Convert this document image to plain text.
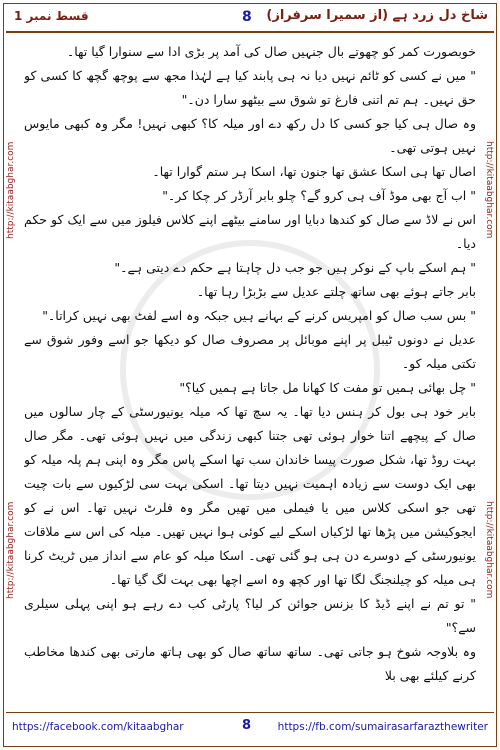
شاخ دل زرد ہے (از سمیرا سرفراز)
8
قسط نمبر 1
http://kitaabghar.com
http://kitaabghar.com
http://kitaabghar.com
http://kitaabghar.com

خوبصورت کمر کو چھوتے بال جنہیں صال کی آمد پر بڑی ادا سے سنوارا گیا تھا۔

" میں نے کسی کو ٹائم نہیں دیا نہ ہی پابند کیا ہے لہٰذا مجھ سے پوچھ گچھ کا کسی کو حق نہیں۔ ہم تم اتنی فارغ تو شوق سے بیٹھو سارا دن۔"

وہ صال ہی کیا جو کسی کا دل رکھ دے اور میلہ کا؟ کبھی نہیں! مگر وہ کبھی مایوس نہیں ہوتی تھی۔

اصال تھا ہی اسکا عشق تھا جنون تھا، اسکا ہر ستم گوارا تھا۔

" اب آج بھی موڈ آف ہی کرو گے؟ چلو بابر آرڈر کر چکا کر۔"

اس نے لاڈ سے صال کو کندھا دبایا اور سامنے بیٹھے اپنے کلاس فیلوز میں سے ایک کو حکم دیا۔

" ہم اسکے باپ کے نوکر ہیں جو جب دل چاہتا ہے حکم دے دیتی ہے۔"

بابر جاتے ہوئے بھی ساتھ چلتے عدیل سے بڑبڑا رہا تھا۔

" بس سب صال کو امپریس کرنے کے بہانے ہیں جبکہ وہ اسے لفٹ بھی نہیں کراتا۔"

عدیل نے دونوں ٹیبل پر اپنے موبائل پر مصروف صال کو دیکھا جو اسے وفور شوق سے تکتی میلہ کو۔

" چل بھائی ہمیں تو مفت کا کھانا مل جاتا ہے ہمیں کیا؟"

بابر خود ہی بول کر ہنس دیا تھا۔ یہ سچ تھا کہ میلہ یونیورسٹی کے چار سالوں میں صال کے پیچھے اتنا خوار ہوئی تھی جتنا کبھی زندگی میں نہیں ہوئی تھی۔ مگر صال بہت روڈ تھا، شکل صورت پیسا خاندان سب تھا اسکے پاس مگر وہ اپنی ہم پلہ میلہ کو بھی ایک دوست سے زیادہ اہمیت نہیں دیتا تھا۔ اسکی بہت سی لڑکیوں سے بات چیت تھی جو اسکی کلاس میں یا فیملی میں تھیں مگر وہ فلرٹ نہیں تھا۔ اس نے کو ایجوکیشن میں پڑھا تھا لڑکیاں اسکے لیے کوئی ہوا نہیں تھیں۔ میلہ کی اس سے ملاقات یونیورسٹی کے دوسرے دن ہی ہو گئی تھی۔ اسکا میلہ کو عام سے انداز میں ٹریٹ کرنا ہی میلہ کو چیلنجنگ لگا تھا اور کچھ وہ اسے اچھا بھی بہت لگ گیا تھا۔

" تو تم نے اپنے ڈیڈ کا بزنس جوائن کر لیا؟ پارٹی کب دے رہے ہو اپنی پہلی سیلری سے؟"

وہ بلاوجہ شوخ ہو جاتی تھی۔ ساتھ ساتھ صال کو بھی ہاتھ مارتی بھی کندھا مخاطب کرنے کیلئے بھی بلا

https://facebook.com/kitaabghar	8	https://fb.com/sumairasarfarazthewriter
